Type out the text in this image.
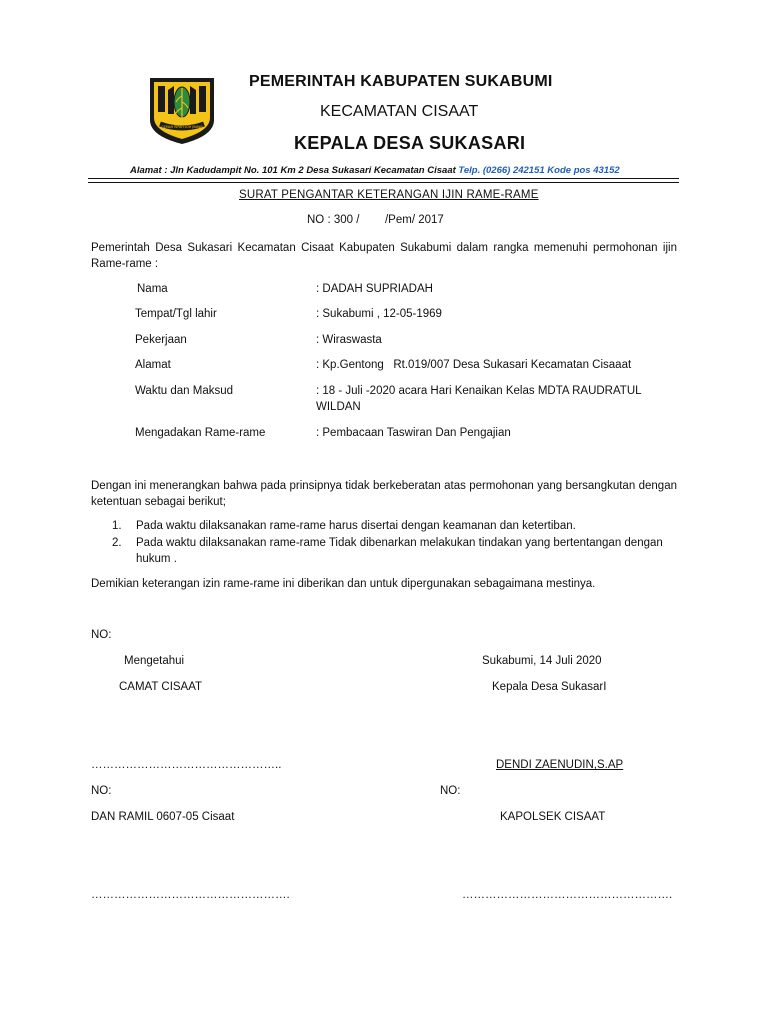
GEMAH RIPAH LOH JINAWI
PEMERINTAH KABUPATEN SUKABUMI
KECAMATAN CISAAT
KEPALA DESA SUKASARI
Alamat : Jln Kadudampit No. 101 Km 2 Desa Sukasari Kecamatan Cisaat Telp. (0266) 242151 Kode pos 43152
SURAT PENGANTAR KETERANGAN IJIN RAME-RAME
NO : 300 /        /Pem/ 2017
Pemerintah Desa Sukasari Kecamatan Cisaat Kabupaten Sukabumi dalam rangka memenuhi permohonan ijin Rame-rame :
Nama	: DADAH SUPRIADAH
Tempat/Tgl lahir	: Sukabumi , 12-05-1969
Pekerjaan	: Wiraswasta
Alamat	: Kp.Gentong   Rt.019/007 Desa Sukasari Kecamatan Cisaaat
Waktu dan Maksud	: 18 - Juli -2020 acara Hari Kenaikan Kelas MDTA RAUDRATUL
WILDAN
Mengadakan Rame-rame	: Pembacaan Taswiran Dan Pengajian
Dengan ini menerangkan bahwa pada prinsipnya tidak berkeberatan atas permohonan yang bersangkutan dengan ketentuan sebagai berikut;
1. Pada waktu dilaksanakan rame-rame harus disertai dengan keamanan dan ketertiban.
2. Pada waktu dilaksanakan rame-rame Tidak dibenarkan melakukan tindakan yang bertentangan dengan hukum .
Demikian keterangan izin rame-rame ini diberikan dan untuk dipergunakan sebagaimana mestinya.
NO:
Mengetahui	Sukabumi, 14 Juli 2020
CAMAT CISAAT	Kepala Desa SukasarI
…………………………………………..	DENDI ZAENUDIN,S.AP
NO:	NO:
DAN RAMIL 0607-05 Cisaat	KAPOLSEK CISAAT
…………………………………………….	……………………………………………….
